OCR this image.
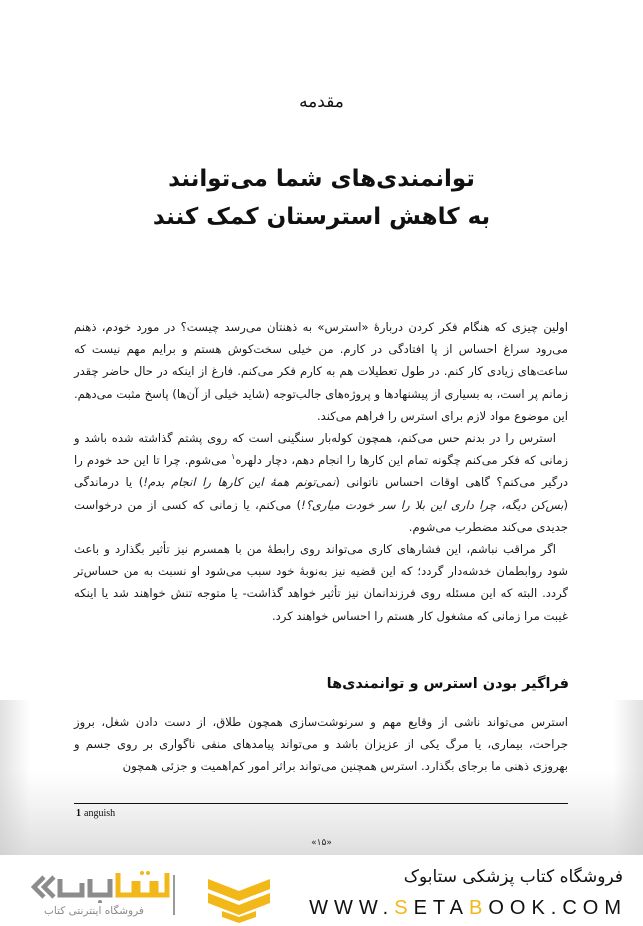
مقدمه
توانمندی‌های شما می‌توانند
به کاهش استرستان کمک کنند

اولین چیزی که هنگام فکر کردن دربارهٔ «استرس» به ذهنتان می‌رسد چیست؟ در مورد خودم، ذهنم می‌رود سراغ احساس از پا افتادگی در کارم. من خیلی سخت‌کوش هستم و برایم مهم نیست که ساعت‌های زیادی کار کنم. در طول تعطیلات هم به کارم فکر می‌کنم. فارغ از اینکه در حال حاضر چقدر زمانم پر است، به بسیاری از پیشنهادها و پروژه‌های جالب‌توجه (شاید خیلی از آن‌ها) پاسخ مثبت می‌دهم. این موضوع مواد لازم برای استرس را فراهم می‌کند.

استرس را در بدنم حس می‌کنم، همچون کوله‌بار سنگینی است که روی پشتم گذاشته شده باشد و زمانی که فکر می‌کنم چگونه تمام این کارها را انجام دهم، دچار دلهره$^۱$ می‌شوم. چرا تا این حد خودم را درگیر می‌کنم؟ گاهی اوقات احساس ناتوانی (نمی‌تونم همهٔ این کارها را انجام بدم!) یا درماندگی (بس‌کن دیگه، چرا داری این بلا را سر خودت میاری؟!) می‌کنم، یا زمانی که کسی از من درخواست جدیدی می‌کند مضطرب می‌شوم.

اگر مراقب نباشم، این فشارهای کاری می‌تواند روی رابطهٔ من با همسرم نیز تأثیر بگذارد و باعث شود روابطمان خدشه‌دار گردد؛ که این قضیه نیز به‌نوبهٔ خود سبب می‌شود او نسبت به من حساس‌تر گردد. البته که این مسئله روی فرزندانمان نیز تأثیر خواهد گذاشت- یا متوجه تنش خواهند شد یا اینکه غیبت مرا زمانی که مشغول کار هستم را احساس خواهند کرد.

فراگیر بودن استرس و توانمندی‌ها

استرس می‌تواند ناشی از وقایع مهم و سرنوشت‌سازی همچون طلاق، از دست دادن شغل، بروز جراحت، بیماری، یا مرگ یکی از عزیزان باشد و می‌تواند پیامدهای منفی ناگواری بر روی جسم و بهروزی ذهنی ما برجای بگذارد. استرس همچنین می‌تواند براثر امور کم‌اهمیت و جزئی همچون

1 anguish
«۱۵»
فروشگاه اینترنتی کتاب
فروشگاه کتاب پزشکی ستابوک
WWW.SETABOOK.COM
